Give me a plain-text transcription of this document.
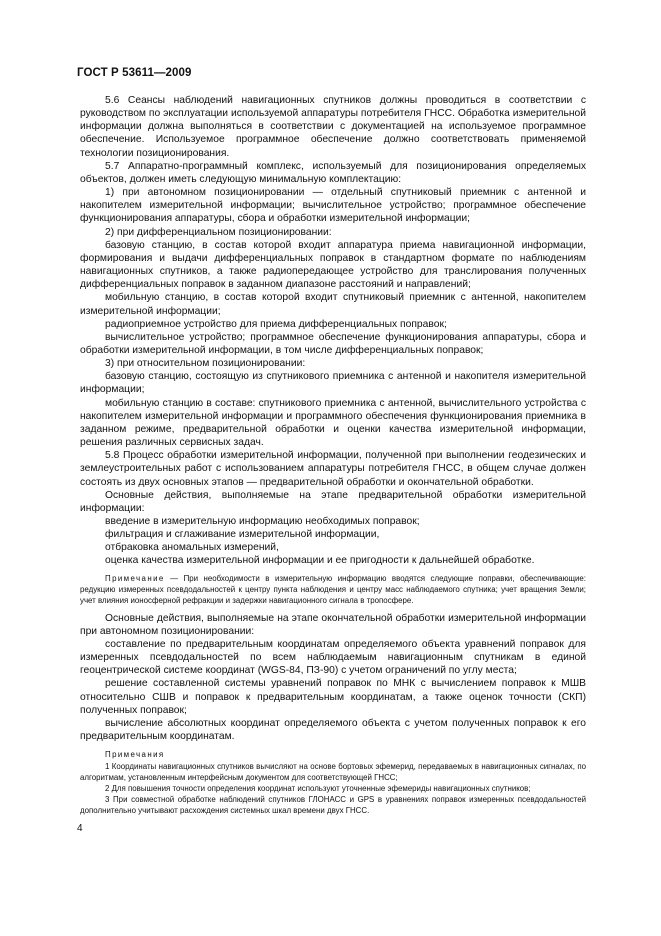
ГОСТ Р 53611—2009

5.6 Сеансы наблюдений навигационных спутников должны проводиться в соответствии с руководством по эксплуатации используемой аппаратуры потребителя ГНСС. Обработка измерительной информации должна выполняться в соответствии с документацией на используемое программное обеспечение. Используемое программное обеспечение должно соответствовать применяемой технологии позиционирования.

5.7 Аппаратно-программный комплекс, используемый для позиционирования определяемых объектов, должен иметь следующую минимальную комплектацию:

1) при автономном позиционировании — отдельный спутниковый приемник с антенной и накопителем измерительной информации; вычислительное устройство; программное обеспечение функционирования аппаратуры, сбора и обработки измерительной информации;

2) при дифференциальном позиционировании:

базовую станцию, в состав которой входит аппаратура приема навигационной информации, формирования и выдачи дифференциальных поправок в стандартном формате по наблюдениям навигационных спутников, а также радиопередающее устройство для транслирования полученных дифференциальных поправок в заданном диапазоне расстояний и направлений;

мобильную станцию, в состав которой входит спутниковый приемник с антенной, накопителем измерительной информации;

радиоприемное устройство для приема дифференциальных поправок;

вычислительное устройство; программное обеспечение функционирования аппаратуры, сбора и обработки измерительной информации, в том числе дифференциальных поправок;

3) при относительном позиционировании:

базовую станцию, состоящую из спутникового приемника с антенной и накопителя измерительной информации;

мобильную станцию в составе: спутникового приемника с антенной, вычислительного устройства с накопителем измерительной информации и программного обеспечения функционирования приемника в заданном режиме, предварительной обработки и оценки качества измерительной информации, решения различных сервисных задач.

5.8 Процесс обработки измерительной информации, полученной при выполнении геодезических и землеустроительных работ с использованием аппаратуры потребителя ГНСС, в общем случае должен состоять из двух основных этапов — предварительной обработки и окончательной обработки.

Основные действия, выполняемые на этапе предварительной обработки измерительной информации:

введение в измерительную информацию необходимых поправок;

фильтрация и сглаживание измерительной информации,

отбраковка аномальных измерений,

оценка качества измерительной информации и ее пригодности к дальнейшей обработке.

Примечание — При необходимости в измерительную информацию вводятся следующие поправки, обеспечивающие: редукцию измеренных псевдодальностей к центру пункта наблюдения и центру масс наблюдаемого спутника; учет вращения Земли; учет влияния ионосферной рефракции и задержки навигационного сигнала в тропосфере.

Основные действия, выполняемые на этапе окончательной обработки измерительной информации при автономном позиционировании:

составление по предварительным координатам определяемого объекта уравнений поправок для измеренных псевдодальностей по всем наблюдаемым навигационным спутникам в единой геоцентрической системе координат (WGS-84, ПЗ-90) с учетом ограничений по углу места;

решение составленной системы уравнений поправок по МНК с вычислением поправок к МШВ относительно СШВ и поправок к предварительным координатам, а также оценок точности (СКП) полученных поправок;

вычисление абсолютных координат определяемого объекта с учетом полученных поправок к его предварительным координатам.

Примечания

1 Координаты навигационных спутников вычисляют на основе бортовых эфемерид, передаваемых в навигационных сигналах, по алгоритмам, установленным интерфейсным документом для соответствующей ГНСС;

2 Для повышения точности определения координат используют уточненные эфемериды навигационных спутников;

3 При совместной обработке наблюдений спутников ГЛОНАСС и GPS в уравнениях поправок измеренных псевдодальностей дополнительно учитывают расхождения системных шкал времени двух ГНСС.

4
